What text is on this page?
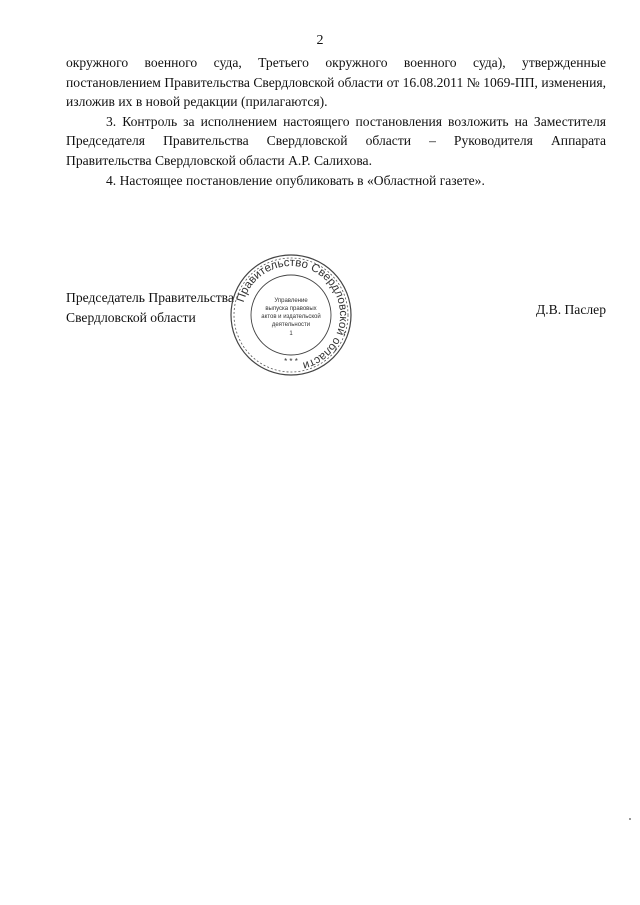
2

окружного военного суда, Третьего окружного военного суда), утвержденные постановлением Правительства Свердловской области от 16.08.2011 № 1069-ПП, изменения, изложив их в новой редакции (прилагаются).

3. Контроль за исполнением настоящего постановления возложить на Заместителя Председателя Правительства Свердловской области – Руководителя Аппарата Правительства Свердловской области А.Р. Салихова.

4. Настоящее постановление опубликовать в «Областной газете».

Председатель Правительства
Свердловской области
Правительство Свердловской области
Управление
выпуска правовых
актов и издательской
деятельности
1
* * *
Д.В. Паслер
